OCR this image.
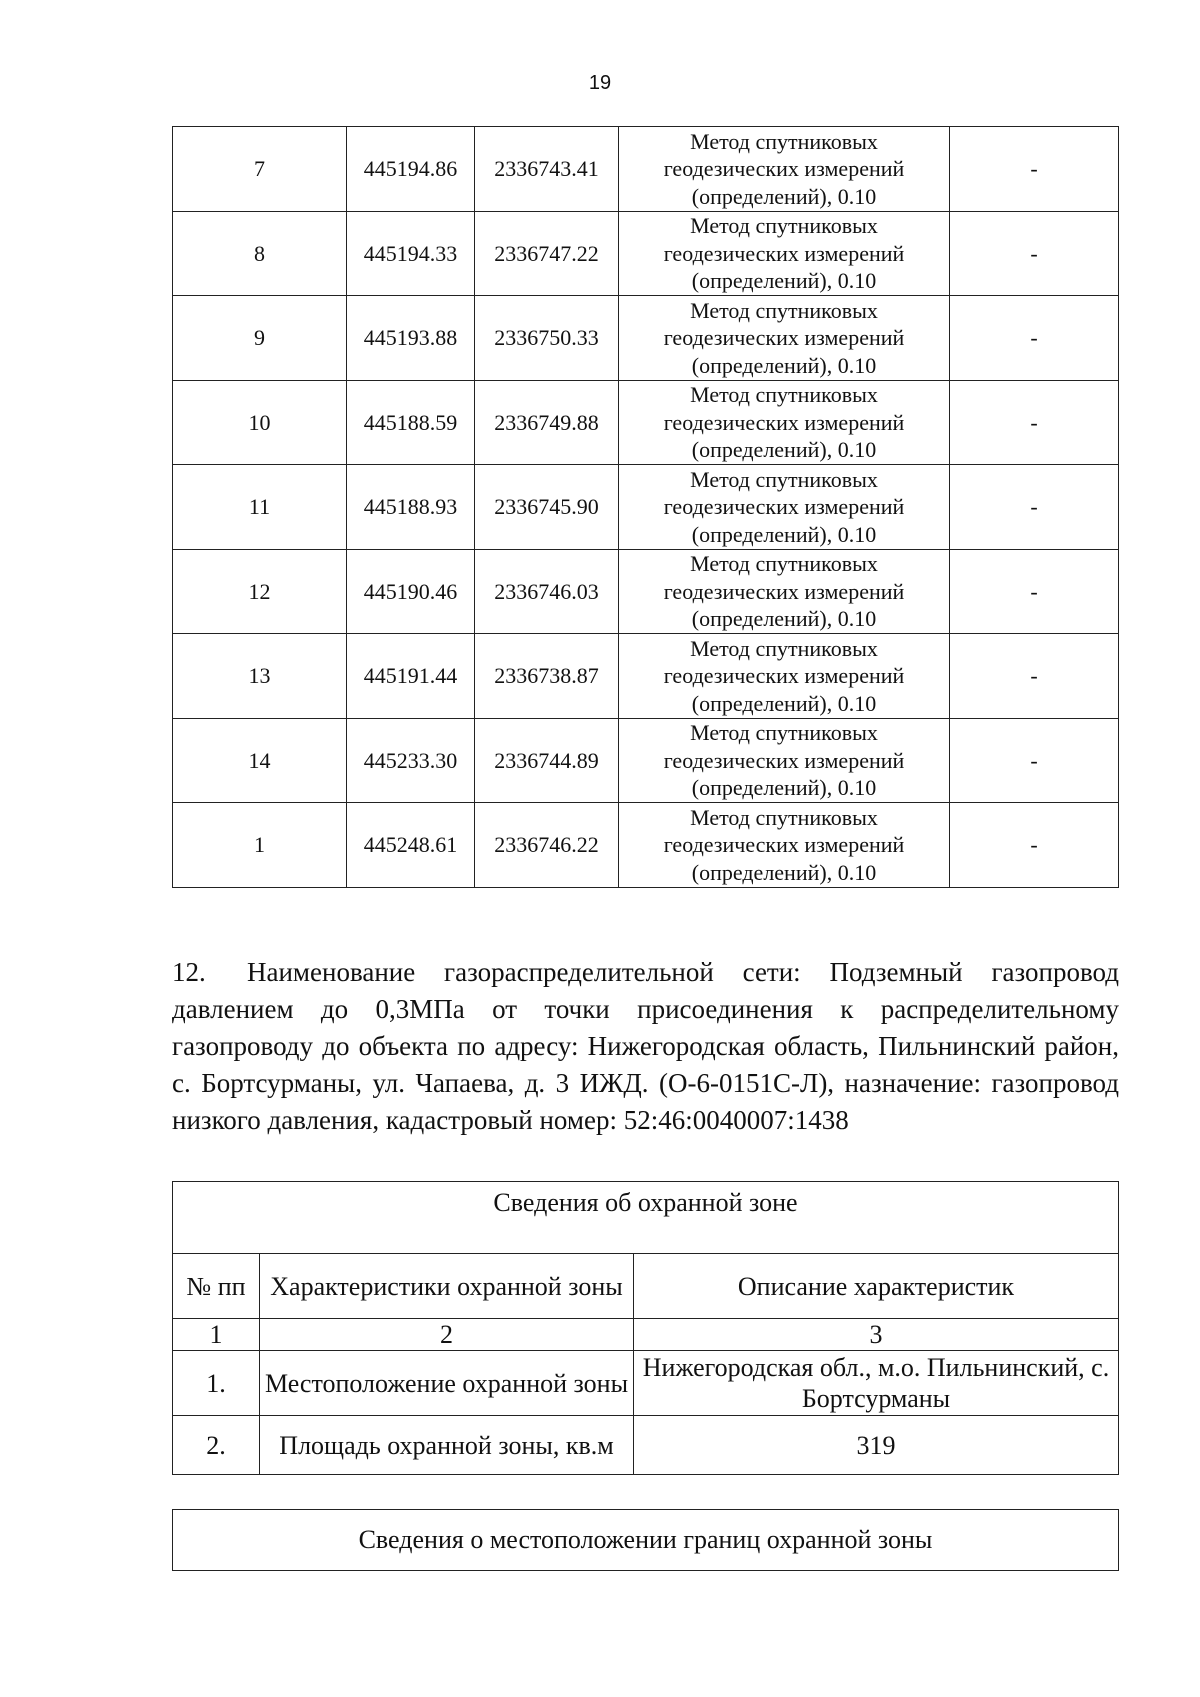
19
7	445194.86	2336743.41	Метод спутниковых
геодезических измерений
(определений), 0.10	-
8	445194.33	2336747.22	Метод спутниковых
геодезических измерений
(определений), 0.10	-
9	445193.88	2336750.33	Метод спутниковых
геодезических измерений
(определений), 0.10	-
10	445188.59	2336749.88	Метод спутниковых
геодезических измерений
(определений), 0.10	-
11	445188.93	2336745.90	Метод спутниковых
геодезических измерений
(определений), 0.10	-
12	445190.46	2336746.03	Метод спутниковых
геодезических измерений
(определений), 0.10	-
13	445191.44	2336738.87	Метод спутниковых
геодезических измерений
(определений), 0.10	-
14	445233.30	2336744.89	Метод спутниковых
геодезических измерений
(определений), 0.10	-
1	445248.61	2336746.22	Метод спутниковых
геодезических измерений
(определений), 0.10	-

12. Наименование газораспределительной сети: Подземный газопровод давлением до 0,3МПа от точки присоединения к распределительному газопроводу до объекта по адресу: Нижегородская область, Пильнинский район, с. Бортсурманы, ул. Чапаева, д. 3 ИЖД. (О-6-0151С-Л), назначение: газопровод низкого давления, кадастровый номер: 52:46:0040007:1438

Сведения об охранной зоне		
№ пп	Характеристики охранной зоны	Описание характеристик
1	2	3
1.	Местоположение охранной зоны	Нижегородская обл., м.о. Пильнинский, с. Бортсурманы
2.	Площадь охранной зоны, кв.м	319
Сведения о местоположении границ охранной зоны
